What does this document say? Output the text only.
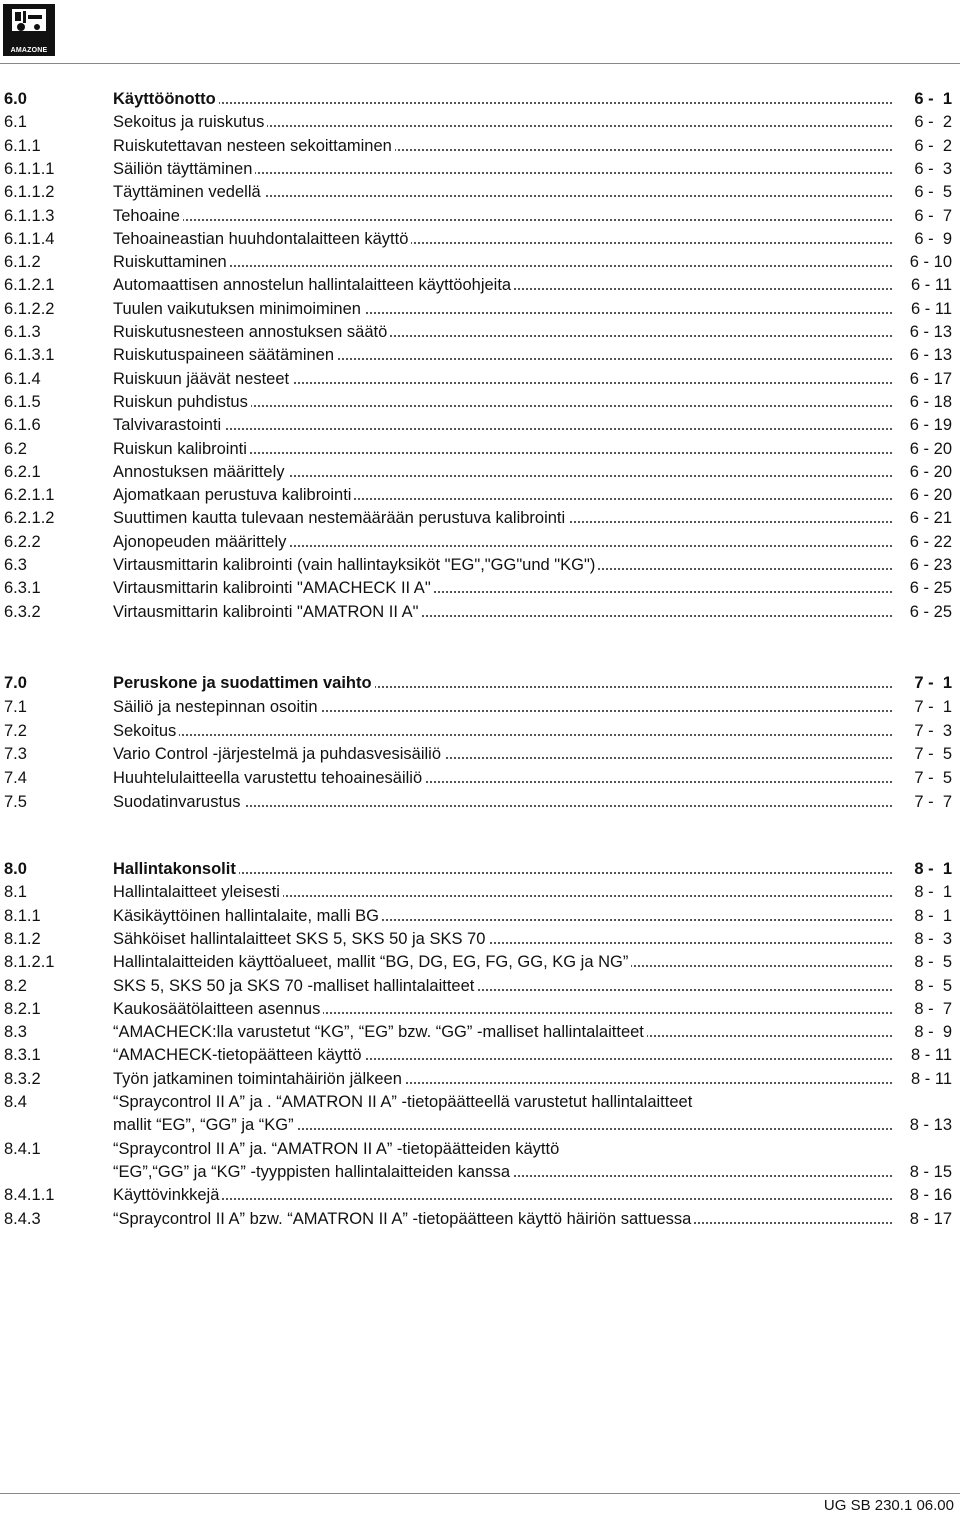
AMAZONE
6.0	Käyttöönotto	6 -  1
6.1	Sekoitus ja ruiskutus	6 -  2
6.1.1	Ruiskutettavan nesteen sekoittaminen	6 -  2
6.1.1.1	Säiliön täyttäminen	6 -  3
6.1.1.2	Täyttäminen vedellä	6 -  5
6.1.1.3	Tehoaine	6 -  7
6.1.1.4	Tehoaineastian huuhdontalaitteen käyttö	6 -  9
6.1.2	Ruiskuttaminen	6 - 10
6.1.2.1	Automaattisen annostelun hallintalaitteen käyttöohjeita	6 - 11
6.1.2.2	Tuulen vaikutuksen minimoiminen	6 - 11
6.1.3	Ruiskutusnesteen annostuksen säätö	6 - 13
6.1.3.1	Ruiskutuspaineen säätäminen	6 - 13
6.1.4	Ruiskuun jäävät nesteet	6 - 17
6.1.5	Ruiskun puhdistus	6 - 18
6.1.6	Talvivarastointi	6 - 19
6.2	Ruiskun kalibrointi	6 - 20
6.2.1	Annostuksen määrittely	6 - 20
6.2.1.1	Ajomatkaan perustuva kalibrointi	6 - 20
6.2.1.2	Suuttimen kautta tulevaan nestemäärään perustuva kalibrointi	6 - 21
6.2.2	Ajonopeuden määrittely	6 - 22
6.3	Virtausmittarin kalibrointi (vain hallintayksiköt "EG","GG"und "KG")	6 - 23
6.3.1	Virtausmittarin kalibrointi "AMACHECK II A"	6 - 25
6.3.2	Virtausmittarin kalibrointi "AMATRON II A"	6 - 25
7.0	Peruskone ja suodattimen vaihto	7 -  1
7.1	Säiliö ja nestepinnan osoitin	7 -  1
7.2	Sekoitus	7 -  3
7.3	Vario Control -järjestelmä ja puhdasvesisäiliö	7 -  5
7.4	Huuhtelulaitteella varustettu tehoainesäiliö	7 -  5
7.5	Suodatinvarustus	7 -  7
8.0	Hallintakonsolit	8 -  1
8.1	Hallintalaitteet yleisesti	8 -  1
8.1.1	Käsikäyttöinen hallintalaite, malli BG	8 -  1
8.1.2	Sähköiset hallintalaitteet SKS 5, SKS 50 ja SKS 70	8 -  3
8.1.2.1	Hallintalaitteiden käyttöalueet, mallit “BG, DG, EG, FG, GG, KG ja NG”	8 -  5
8.2	SKS 5, SKS 50 ja SKS 70 -malliset hallintalaitteet	8 -  5
8.2.1	Kaukosäätölaitteen asennus	8 -  7
8.3	“AMACHECK:lla varustetut “KG”, “EG” bzw. “GG” -malliset hallintalaitteet	8 -  9
8.3.1	“AMACHECK-tietopäätteen käyttö	8 - 11
8.3.2	Työn jatkaminen toimintahäiriön jälkeen	8 - 11
8.4	“Spraycontrol II A” ja . “AMATRON II A” -tietopäätteellä varustetut hallintalaitteet
mallit “EG”, “GG” ja “KG”	8 - 13
8.4.1	“Spraycontrol II A” ja. “AMATRON II A” -tietopäätteiden käyttö
“EG”,“GG” ja “KG” -tyyppisten hallintalaitteiden kanssa	8 - 15
8.4.1.1	Käyttövinkkejä	8 - 16
8.4.3	“Spraycontrol II A” bzw. “AMATRON II A” -tietopäätteen käyttö häiriön sattuessa	8 - 17
UG SB 230.1 06.00
